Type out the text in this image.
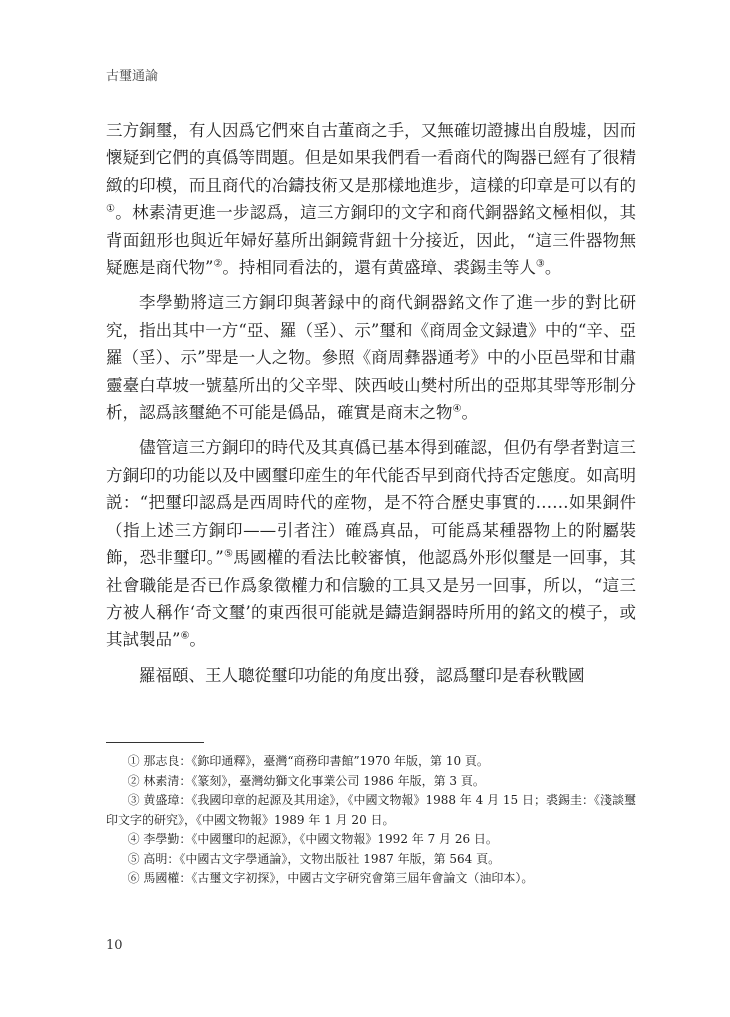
古璽通論

三方銅璽，有人因爲它們來自古董商之手，又無確切證據出自殷墟，因而懷疑到它們的真僞等問題。但是如果我們看一看商代的陶器已經有了很精緻的印模，而且商代的冶鑄技術又是那樣地進步，這樣的印章是可以有的①。林素清更進一步認爲，這三方銅印的文字和商代銅器銘文極相似，其背面鈕形也與近年婦好墓所出銅鏡背鈕十分接近，因此，“這三件器物無疑應是商代物”②。持相同看法的，還有黄盛璋、裘錫圭等人③。

李學勤將這三方銅印與著録中的商代銅器銘文作了進一步的對比研究，指出其中一方“亞、羅（㸒）、示”璽和《商周金文録遺》中的“辛、亞羅（㸒）、示”斝是一人之物。參照《商周彝器通考》中的小臣邑斝和甘肅靈臺白草坡一號墓所出的父辛斝、陝西岐山樊村所出的亞䢼其斝等形制分析，認爲該璽絶不可能是僞品，確實是商末之物④。

儘管這三方銅印的時代及其真僞已基本得到確認，但仍有學者對這三方銅印的功能以及中國璽印産生的年代能否早到商代持否定態度。如高明説：“把璽印認爲是西周時代的産物，是不符合歷史事實的……如果銅件（指上述三方銅印——引者注）確爲真品，可能爲某種器物上的附屬裝飾，恐非璽印。”⑤馬國權的看法比較審慎，他認爲外形似璽是一回事，其社會職能是否已作爲象徵權力和信驗的工具又是另一回事，所以，“這三方被人稱作‘奇文璽’的東西很可能就是鑄造銅器時所用的銘文的模子，或其試製品”⑥。

羅福頤、王人聰從璽印功能的角度出發，認爲璽印是春秋戰國

① 那志良：《鉨印通釋》，臺灣“商務印書館”1970 年版，第 10 頁。

② 林素清：《篆刻》，臺灣幼獅文化事業公司 1986 年版，第 3 頁。

③ 黄盛璋：《我國印章的起源及其用途》，《中國文物報》1988 年 4 月 15 日；裘錫圭：《淺談璽印文字的研究》，《中國文物報》1989 年 1 月 20 日。

④ 李學勤：《中國璽印的起源》，《中國文物報》1992 年 7 月 26 日。

⑤ 高明：《中國古文字學通論》，文物出版社 1987 年版，第 564 頁。

⑥ 馬國權：《古璽文字初探》，中國古文字研究會第三屆年會論文（油印本）。

10
